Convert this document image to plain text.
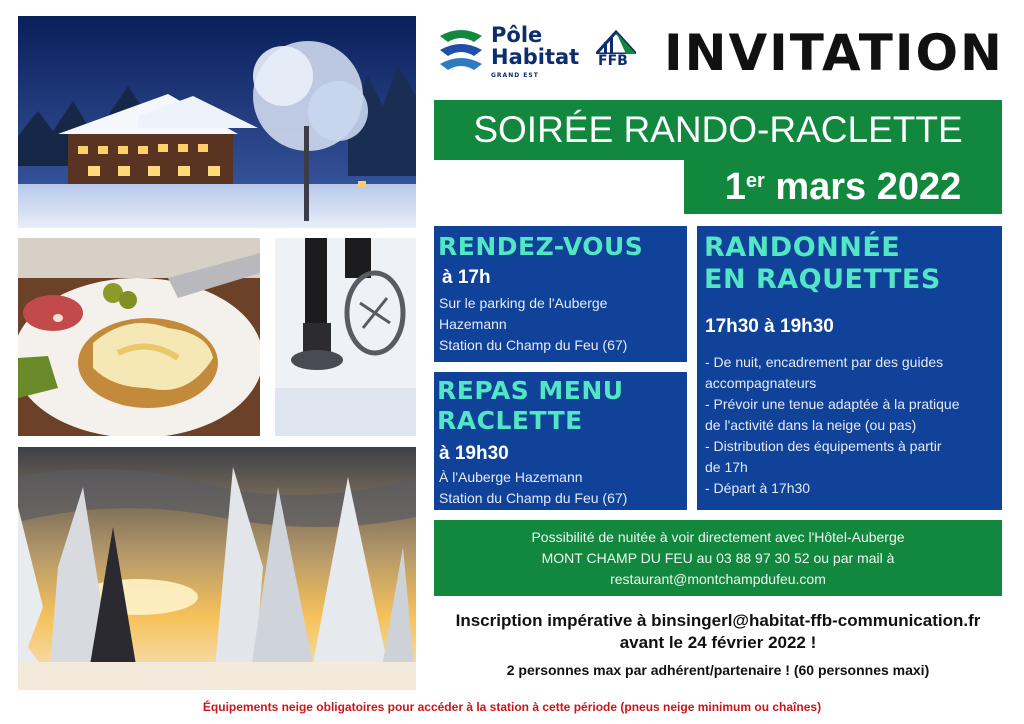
Pôle
Habitat FFB
GRAND EST	INVITATION
SOIRÉE RANDO-RACLETTE
1er mars 2022
RENDEZ-VOUS
à 17h
Sur le parking de l'Auberge
Hazemann
Station du Champ du Feu (67)
REPAS MENU
RACLETTE
à 19h30
À l'Auberge Hazemann
Station du Champ du Feu (67)
RANDONNÉE
EN RAQUETTES
17h30 à 19h30
- De nuit, encadrement par des guides
accompagnateurs
- Prévoir une tenue adaptée à la pratique
de l'activité dans la neige (ou pas)
- Distribution des équipements à partir
de 17h
- Départ à 17h30
Possibilité de nuitée à voir directement avec l'Hôtel-Auberge
MONT CHAMP DU FEU au 03 88 97 30 52 ou par mail à
restaurant@montchampdufeu.com
Inscription impérative à binsingerl@habitat-ffb-communication.fr
avant le 24 février 2022 !
2 personnes max par adhérent/partenaire ! (60 personnes maxi)
Équipements neige obligatoires pour accéder à la station à cette période (pneus neige minimum ou chaînes)
